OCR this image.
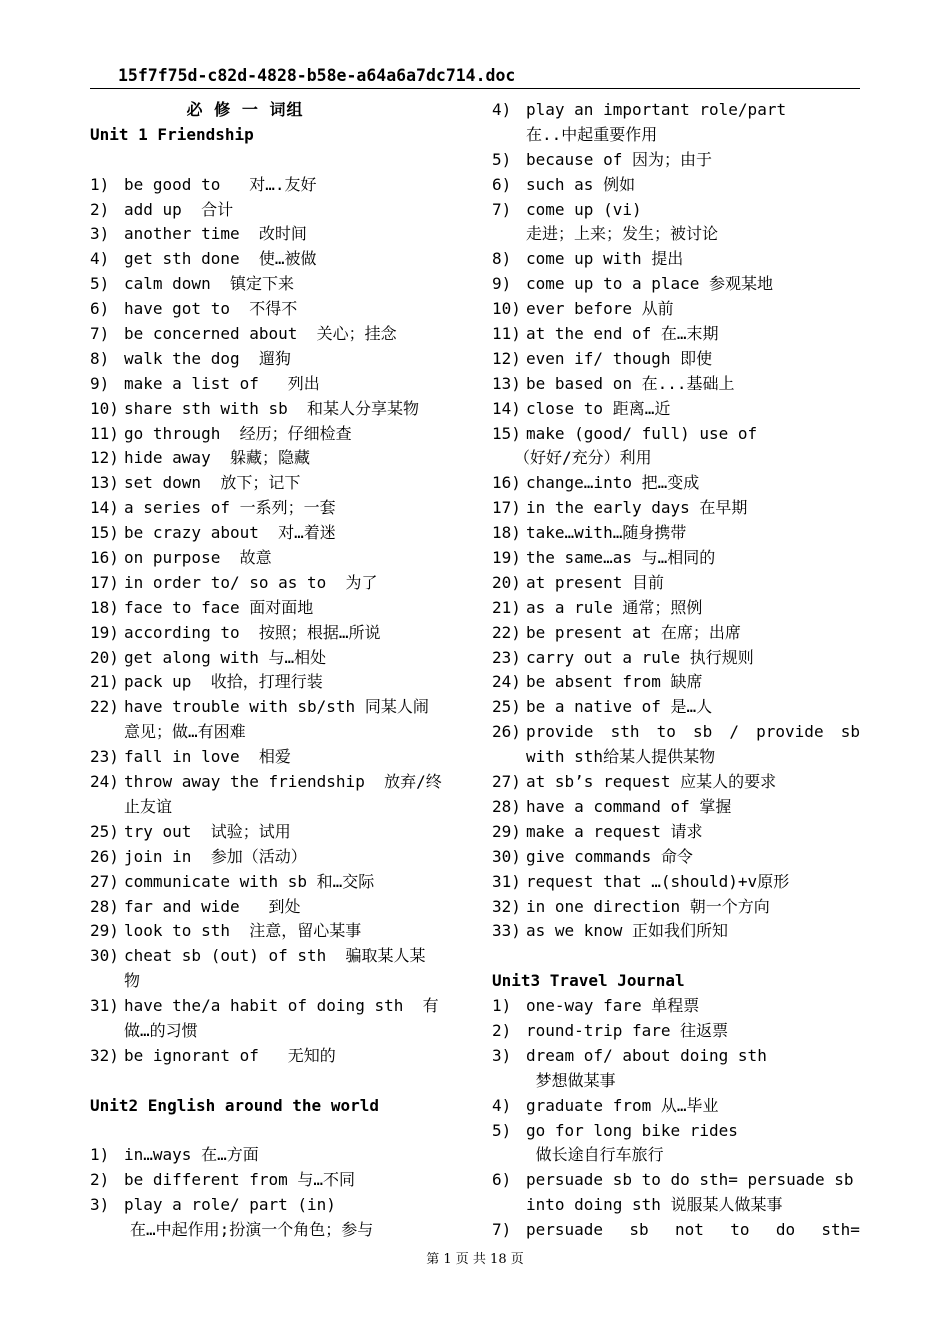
15f7f75d-c82d-4828-b58e-a64a6a7dc714.doc
必 修 一 词组
Unit 1 Friendship
1) be good to   对….友好
2) add up  合计
3) another time  改时间
4) get sth done  使…被做
5) calm down  镇定下来
6) have got to  不得不
7) be concerned about  关心；挂念
8) walk the dog  遛狗
9) make a list of   列出
10) share sth with sb  和某人分享某物
11) go through  经历；仔细检查
12) hide away  躲藏；隐藏
13) set down  放下；记下
14) a series of 一系列；一套
15) be crazy about  对…着迷
16) on purpose  故意
17) in order to/ so as to  为了
18) face to face 面对面地
19) according to  按照；根据…所说
20) get along with 与…相处
21) pack up  收拾，打理行装
22) have trouble with sb/sth 同某人闹
意见；做…有困难
23) fall in love  相爱
24) throw away the friendship  放弃/终
止友谊
25) try out  试验；试用
26) join in  参加（活动）
27) communicate with sb 和…交际
28) far and wide   到处
29) look to sth  注意，留心某事
30) cheat sb (out) of sth  骗取某人某
物
31) have the/a habit of doing sth  有
做…的习惯
32) be ignorant of   无知的
Unit2 English around the world
1) in…ways 在…方面
2) be different from 与…不同
3) play a role/ part (in)
在…中起作用;扮演一个角色；参与
4) play an important role/part
在..中起重要作用
5) because of 因为；由于
6) such as 例如
7) come up (vi)
走进；上来；发生；被讨论
8) come up with 提出
9) come up to a place 参观某地
10) ever before 从前
11) at the end of 在…末期
12) even if/ though 即使
13) be based on 在...基础上
14) close to 距离…近
15) make (good/ full) use of
（好好/充分）利用
16) change…into 把…变成
17) in the early days 在早期
18) take…with…随身携带
19) the same…as 与…相同的
20) at present 目前
21) as a rule 通常；照例
22) be present at 在席；出席
23) carry out a rule 执行规则
24) be absent from 缺席
25) be a native of 是…人
26) provide sth to sb / provide sb
with sth给某人提供某物
27) at sb’s request 应某人的要求
28) have a command of 掌握
29) make a request 请求
30) give commands 命令
31) request that …(should)+v原形
32) in one direction 朝一个方向
33) as we know 正如我们所知
Unit3 Travel Journal
1) one-way fare 单程票
2) round-trip fare 往返票
3) dream of/ about doing sth
梦想做某事
4) graduate from 从…毕业
5) go for long bike rides
做长途自行车旅行
6) persuade sb to do sth= persuade sb
into doing sth 说服某人做某事
7) persuade sb not to do sth=
第 1 页 共 18 页
